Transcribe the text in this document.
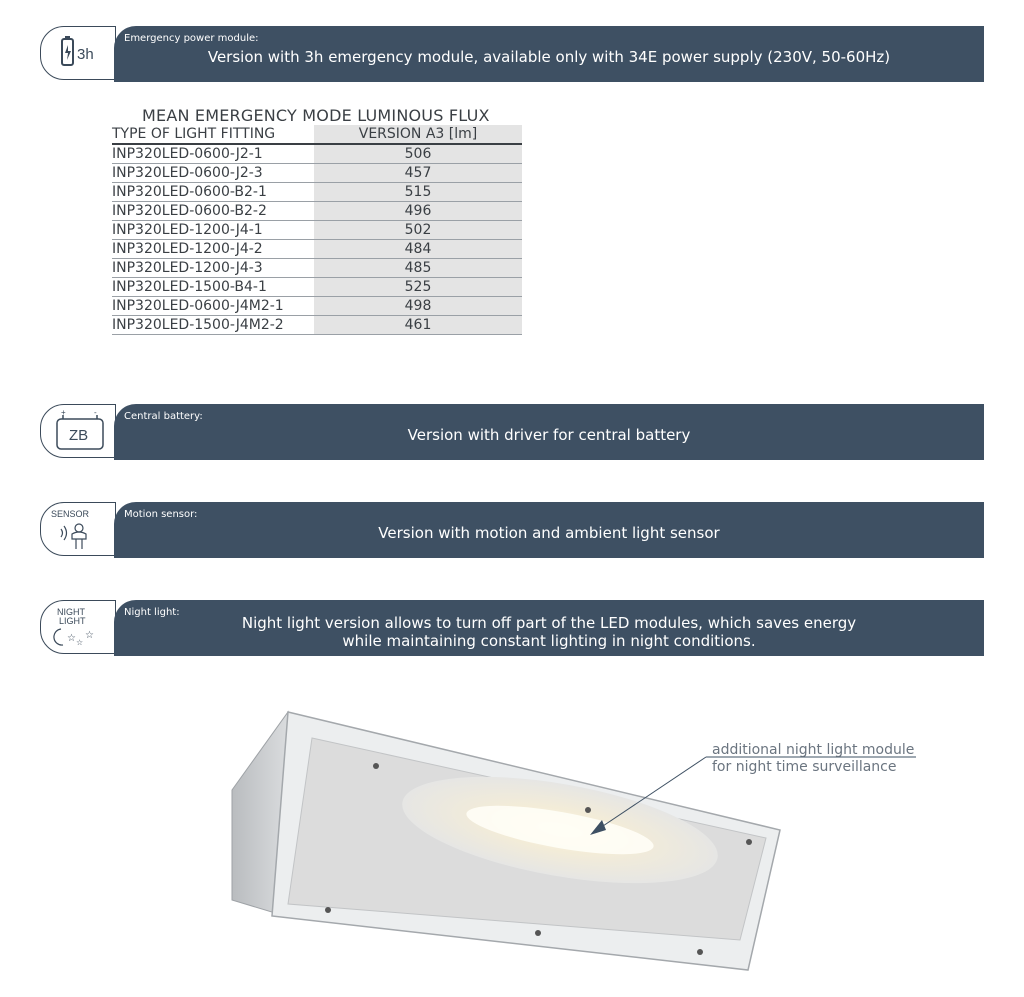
3h
Emergency power module:
Version with 3h emergency module, available only with 34E power supply (230V, 50-60Hz)
MEAN EMERGENCY MODE LUMINOUS FLUX
TYPE OF LIGHT FITTING	VERSION A3 [lm]
INP320LED-0600-J2-1	506
INP320LED-0600-J2-3	457
INP320LED-0600-B2-1	515
INP320LED-0600-B2-2	496
INP320LED-1200-J4-1	502
INP320LED-1200-J4-2	484
INP320LED-1200-J4-3	485
INP320LED-1500-B4-1	525
INP320LED-0600-J4M2-1	498
INP320LED-1500-J4M2-2	461
+	-
ZB
Central battery:
Version with driver for central battery
SENSOR	Motion sensor:
Version with motion and ambient light sensor
NIGHT
LIGHT
☆ ☆
☆
Night light:
Night light version allows to turn off part of the LED modules, which saves energy
while maintaining constant lighting in night conditions.
additional night light module
for night time surveillance
